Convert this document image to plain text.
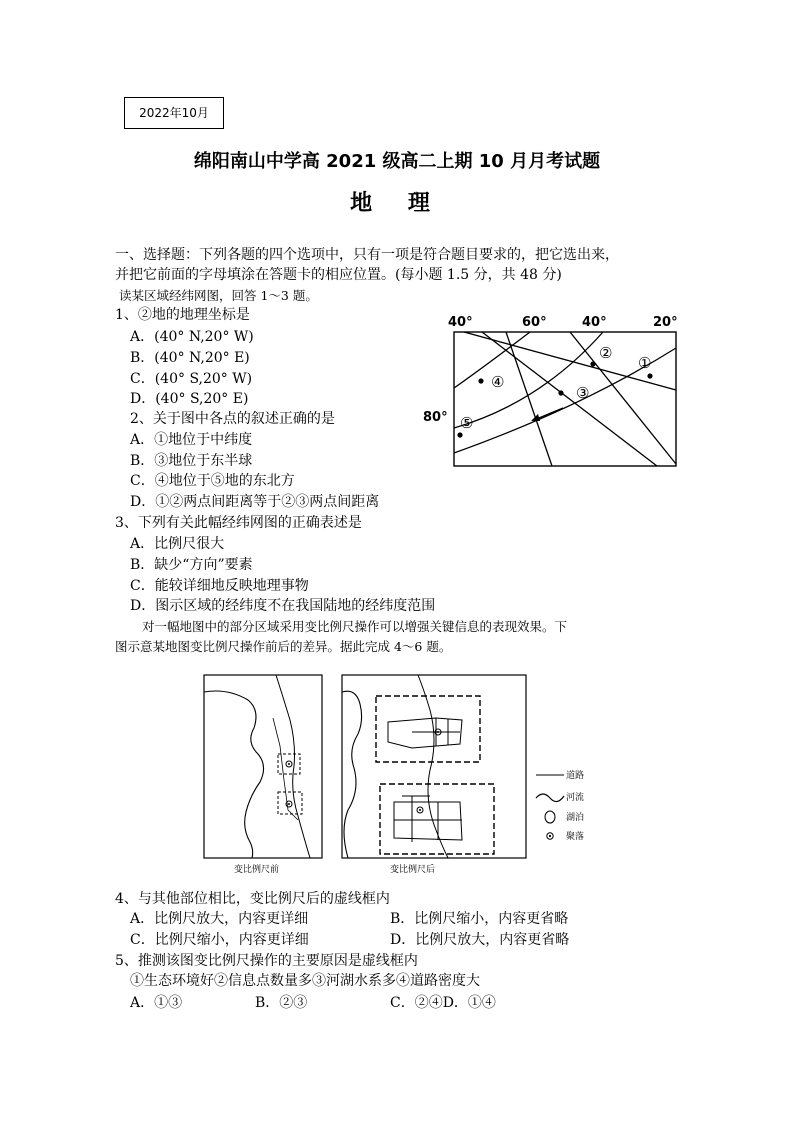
2022年10月
绵阳南山中学高 2021 级高二上期 10 月月考试题
地 理
一、选择题：下列各题的四个选项中，只有一项是符合题目要求的，把它选出来，
并把它前面的字母填涂在答题卡的相应位置。(每小题 1.5 分，共 48 分)
读某区域经纬网图，回答 1～3 题。
1、②地的地理坐标是
A．(40° N,20° W)
B．(40° N,20° E)
C．(40° S,20° W)
D．(40° S,20° E)
2、关于图中各点的叙述正确的是
A．①地位于中纬度
B．③地位于东半球
C．④地位于⑤地的东北方
D．①②两点间距离等于②③两点间距离
3、下列有关此幅经纬网图的正确表述是
A．比例尺很大
B．缺少“方向”要素
C．能较详细地反映地理事物
D．图示区域的经纬度不在我国陆地的经纬度范围
40°	60°	40°	20°
80°
①
②
③
④
⑤
对一幅地图中的部分区域采用变比例尺操作可以增强关键信息的表现效果。下
图示意某地图变比例尺操作前后的差异。据此完成 4～6 题。
变比例尺前	变比例尺后
道路
河流
湖泊
聚落
4、与其他部位相比，变比例尺后的虚线框内
A．比例尺放大，内容更详细	B．比例尺缩小，内容更省略
C．比例尺缩小，内容更详细	D．比例尺放大，内容更省略
5、推测该图变比例尺操作的主要原因是虚线框内
①生态环境好②信息点数量多③河湖水系多④道路密度大
A．①③	B．②③	C．②④D．①④
